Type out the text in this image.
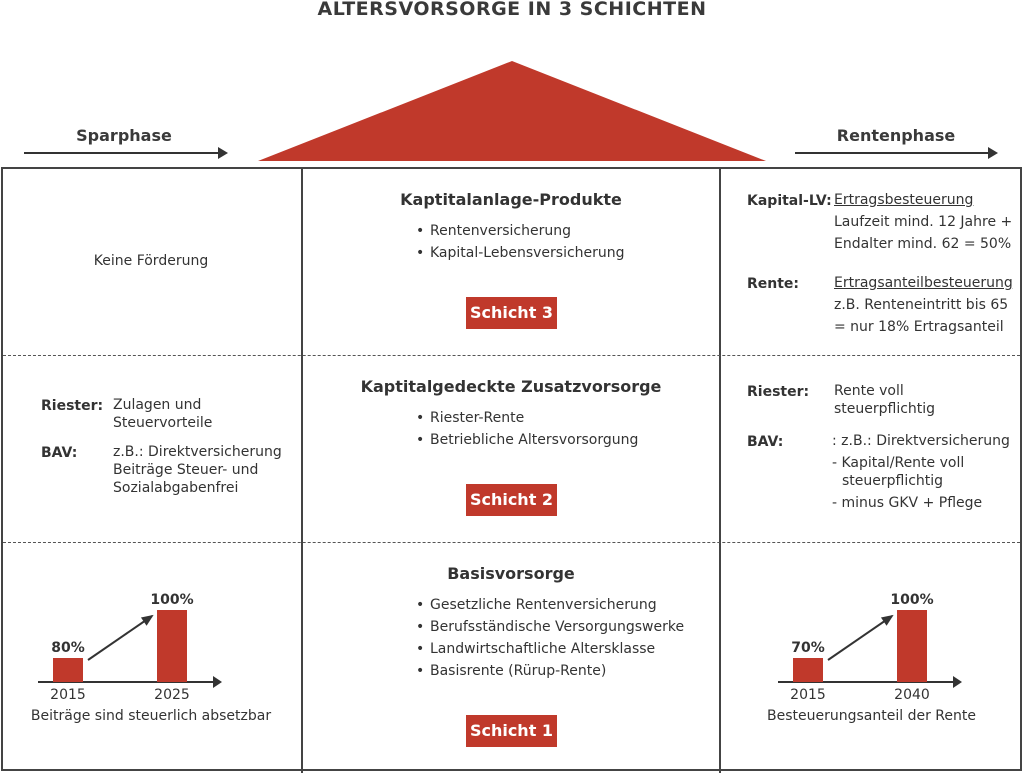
ALTERSVORSORGE IN 3 SCHICHTEN
Sparphase	Rentenphase
Keine Förderung
Kaptitalanlage-Produkte
• Rentenversicherung
• Kapital-Lebensversicherung
Schicht 3
Kapital-LV: Ertragsbesteuerung
Laufzeit mind. 12 Jahre +
Endalter mind. 62 = 50%
Rente: Ertragsanteilbesteuerung
z.B. Renteneintritt bis 65
= nur 18% Ertragsanteil
Riester: Zulagen und
Steuervorteile
BAV:	z.B.: Direktversicherung
Beiträge Steuer- und
Sozialabgabenfrei
Kaptitalgedeckte Zusatzvorsorge
• Riester-Rente
• Betriebliche Altersvorsorgung
Schicht 2
Riester: Rente voll
steuerpflichtig
BAV:	: z.B.: Direktversicherung
- Kapital/Rente voll
steuerpflichtig
- minus GKV + Pflege
Basisvorsorge
• Gesetzliche Rentenversicherung
• Berufsständische Versorgungswerke
• Landwirtschaftliche Altersklasse
• Basisrente (Rürup-Rente)
Schicht 1
80%
2015
100%
2025
Beiträge sind steuerlich absetzbar
70%
2015
100%
2040
Besteuerungsanteil der Rente
